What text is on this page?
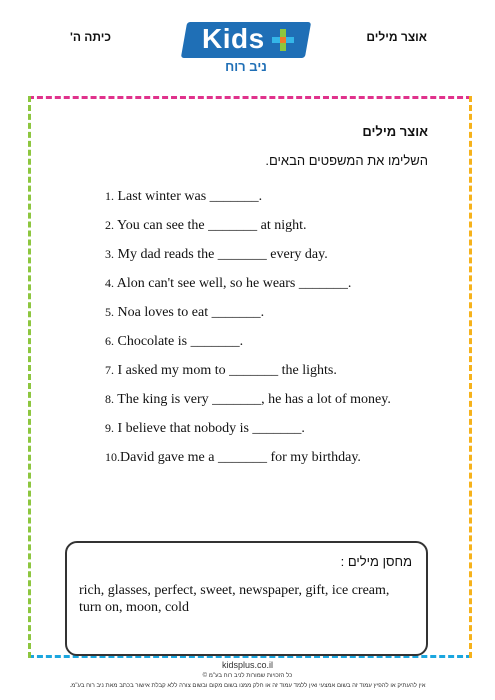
כיתה ה'	אוצר מילים
Kids
ניב רוח
אוצר מילים
השלימו את המשפטים הבאים.
1. Last winter was _______.
2. You can see the _______ at night.
3. My dad reads the _______ every day.
4. Alon can't see well, so he wears _______.
5. Noa loves to eat _______.
6. Chocolate is _______.
7. I asked my mom to _______ the lights.
8. The king is very _______, he has a lot of money.
9. I believe that nobody is _______.
10.David gave me a _______ for my birthday.
מחסן מילים :
rich, glasses, perfect, sweet, newspaper, gift, ice cream, turn on, moon, cold
kidsplus.co.il
כל הזכויות שמורות לניב רוח בע"מ ©
אין להעתיק או להפיץ עמוד זה בשום אמצעי ואין ללמד עמוד זה או חלק ממנו בשום מקום ובשום צורה ללא קבלת אישור בכתב מאת ניב רוח בע"מ.
